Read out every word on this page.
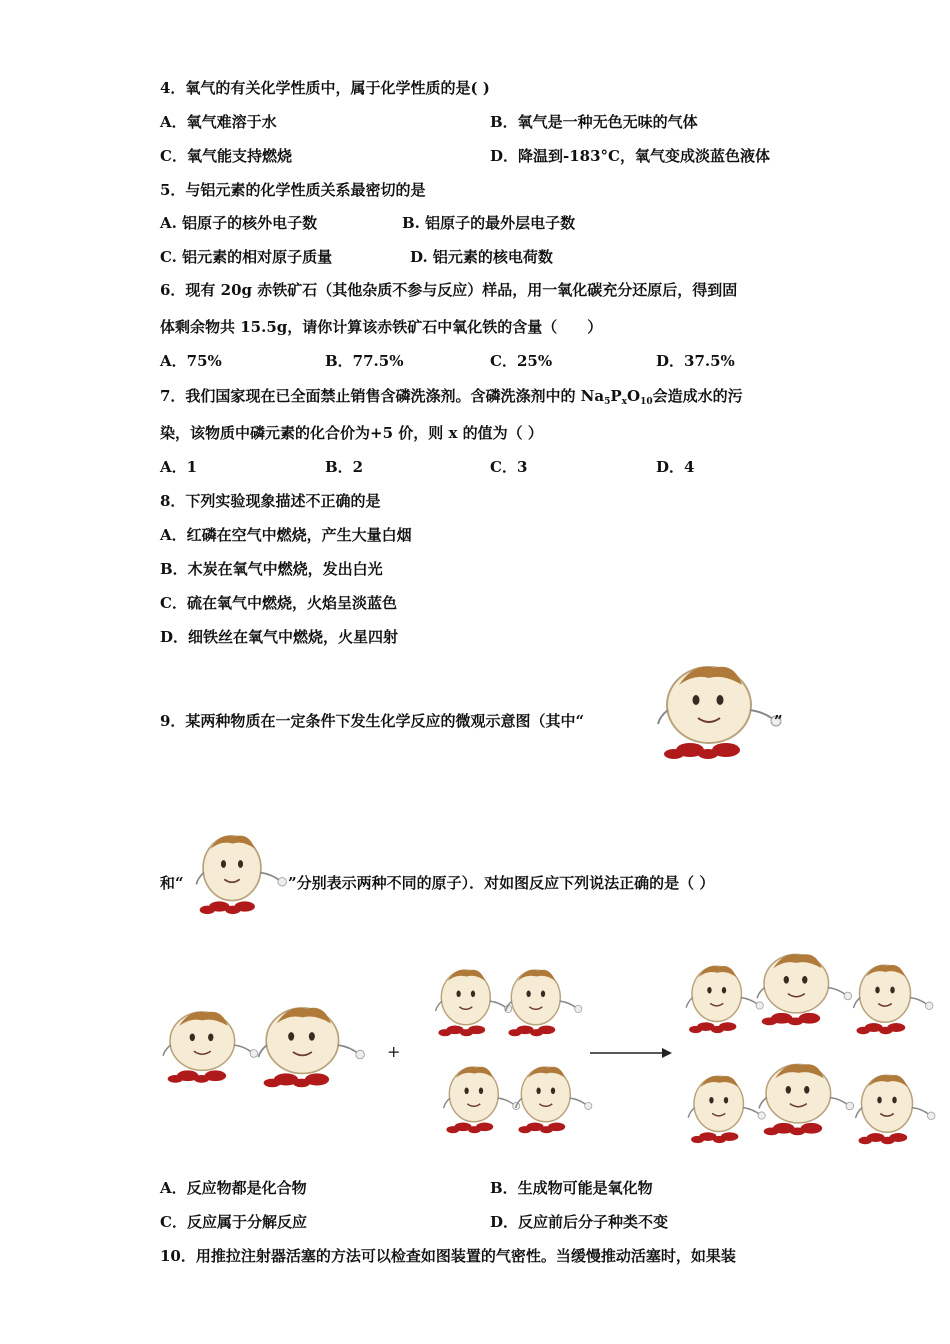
4．氧气的有关化学性质中，属于化学性质的是( )
A．氧气难溶于水	B．氧气是一种无色无味的气体
C．氧气能支持燃烧	D．降温到-183°C，氧气变成淡蓝色液体
5．与铝元素的化学性质关系最密切的是
A. 铝原子的核外电子数	B. 铝原子的最外层电子数
C. 铝元素的相对原子质量	D. 铝元素的核电荷数
6．现有 20g 赤铁矿石（其他杂质不参与反应）样品，用一氧化碳充分还原后，得到固
体剩余物共 15.5g，请你计算该赤铁矿石中氧化铁的含量（　　）
A．75%	B．77.5%	C．25%	D．37.5%
7．我们国家现在已全面禁止销售含磷洗涤剂。含磷洗涤剂中的 $Na_5P_xO_{10}$会造成水的污
染，该物质中磷元素的化合价为+5 价，则 x 的值为（ ）
A．1	B．2	C．3	D．4
8．下列实验现象描述不正确的是
A．红磷在空气中燃烧，产生大量白烟
B．木炭在氧气中燃烧，发出白光
C．硫在氧气中燃烧，火焰呈淡蓝色
D．细铁丝在氧气中燃烧，火星四射
9．某两种物质在一定条件下发生化学反应的微观示意图（其中“	”
和“	”分别表示两种不同的原子）．对如图反应下列说法正确的是（ ）
+
A．反应物都是化合物	B．生成物可能是氧化物
C．反应属于分解反应	D．反应前后分子种类不变
10．用推拉注射器活塞的方法可以检查如图装置的气密性。当缓慢推动活塞时，如果装
